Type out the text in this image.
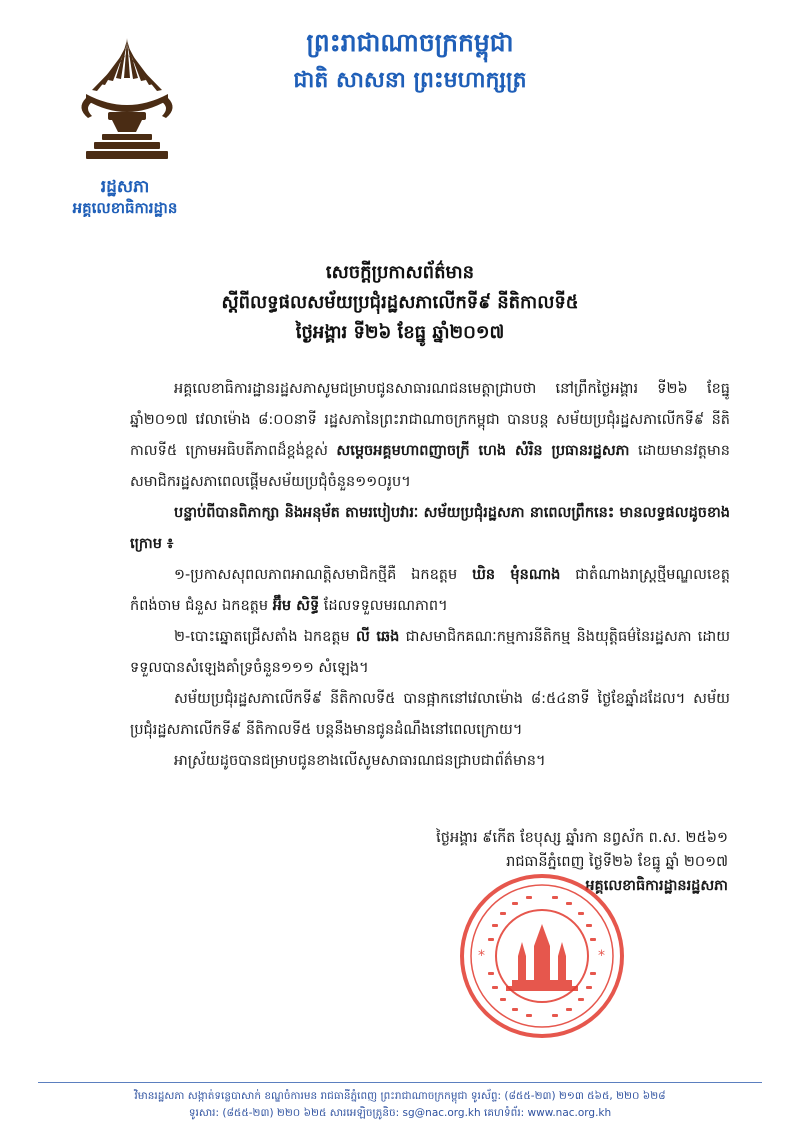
រដ្ឋសភា
អគ្គលេខាធិការដ្ឋាន
ព្រះរាជាណាចក្រកម្ពុជា
ជាតិ សាសនា ព្រះមហាក្សត្រ
សេចក្តីប្រកាសព័ត៌មាន
ស្តីពីលទ្ធផលសម័យប្រជុំរដ្ឋសភាលើកទី៩ នីតិកាលទី៥
ថ្ងៃអង្គារ ទី២៦ ខែធ្នូ ឆ្នាំ២០១៧

អគ្គលេខាធិការដ្ឋានរដ្ឋសភាសូមជម្រាបជូនសាធារណជនមេត្តាជ្រាបថា នៅព្រឹកថ្ងៃអង្គារ ទី២៦ ខែធ្នូ ឆ្នាំ២០១៧ វេលាម៉ោង ៨:០០នាទី រដ្ឋសភានៃព្រះរាជាណាចក្រកម្ពុជា បានបន្ត សម័យប្រជុំរដ្ឋសភាលើកទី៩ នីតិកាលទី៥ ក្រោមអធិបតីភាពដ៏ខ្ពង់ខ្ពស់ សម្តេចអគ្គមហាពញាចក្រី ហេង សំរិន ប្រធានរដ្ឋសភា ដោយមានវត្តមាន សមាជិករដ្ឋសភាពេលផ្តើមសម័យប្រជុំចំនួន១១០រូប។

បន្ទាប់ពីបានពិភាក្សា និងអនុម័ត តាមរបៀបវារៈ សម័យប្រជុំរដ្ឋសភា នាពេលព្រឹកនេះ មានលទ្ធផលដូចខាងក្រោម ៖

១-ប្រកាសសុពលភាពអាណត្តិសមាជិកថ្មីគឺ ឯកឧត្តម ឃិន មុំនណាង ជាតំណាងរាស្ត្រថ្មីមណ្ឌលខេត្តកំពង់ចាម ជំនួស ឯកឧត្តម អ៊ឹម សិទ្ធី ដែលទទួលមរណភាព។

២-បោះឆ្នោតជ្រើសតាំង ឯកឧត្តម លី ឆេង ជាសមាជិកគណៈកម្មការនីតិកម្ម និងយុត្តិធម៌នៃរដ្ឋសភា ដោយទទួលបានសំឡេងគាំទ្រចំនួន១១១ សំឡេង។

សម័យប្រជុំរដ្ឋសភាលើកទី៩ នីតិកាលទី៥ បានផ្អាកនៅវេលាម៉ោង ៨:៥៤នាទី ថ្ងៃខែឆ្នាំដដែល។ សម័យប្រជុំរដ្ឋសភាលើកទី៩ នីតិកាលទី៥ បន្តនឹងមានជូនដំណឹងនៅពេលក្រោយ។

អាស្រ័យដូចបានជម្រាបជូនខាងលើសូមសាធារណជនជ្រាបជាព័ត៌មាន។

ថ្ងៃអង្គារ ៩កើត ខែបុស្ស ឆ្នាំរកា នព្វស័ក ព.ស. ២៥៦១
រាជធានីភ្នំពេញ ថ្ងៃទី២៦ ខែធ្នូ ឆ្នាំ ២០១៧
អគ្គលេខាធិការដ្ឋានរដ្ឋសភា
*	*
វិមានរដ្ឋសភា សង្កាត់ទន្លេបាសាក់ ខណ្ឌចំការមន រាជធានីភ្នំពេញ ព្រះរាជាណាចក្រកម្ពុជា ទូរស័ព្ទ: (៨៥៥-២៣) ២១៣ ៥៦៥, ២២០ ៦២៨
ទូរសារ: (៨៥៥-២៣) ២២០ ៦២៥ សារអេឡិចត្រូនិច: sg@nac.org.kh គេហទំព័រ: www.nac.org.kh
